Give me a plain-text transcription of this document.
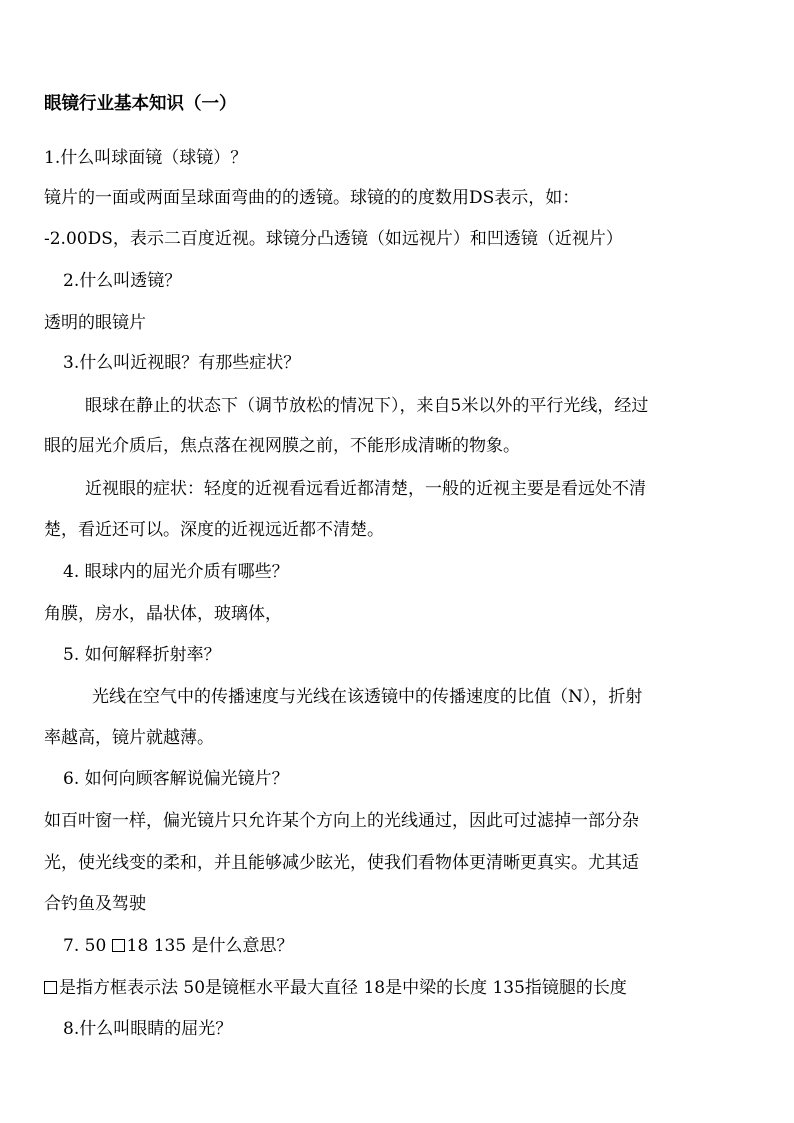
眼镜行业基本知识（一）
1.什么叫球面镜（球镜）？
镜片的一面或两面呈球面弯曲的的透镜。球镜的的度数用DS表示，如：
-2.00DS，表示二百度近视。球镜分凸透镜（如远视片）和凹透镜（近视片）
2.什么叫透镜？
透明的眼镜片
3.什么叫近视眼？有那些症状？
眼球在静止的状态下（调节放松的情况下），来自5米以外的平行光线，经过
眼的屈光介质后，焦点落在视网膜之前，不能形成清晰的物象。
近视眼的症状：轻度的近视看远看近都清楚，一般的近视主要是看远处不清
楚，看近还可以。深度的近视远近都不清楚。
4. 眼球内的屈光介质有哪些？
角膜，房水，晶状体，玻璃体，
5. 如何解释折射率？
光线在空气中的传播速度与光线在该透镜中的传播速度的比值（N），折射
率越高，镜片就越薄。
6. 如何向顾客解说偏光镜片？
如百叶窗一样，偏光镜片只允许某个方向上的光线通过，因此可过滤掉一部分杂
光，使光线变的柔和，并且能够减少眩光，使我们看物体更清晰更真实。尤其适
合钓鱼及驾驶
7. 50 18 135 是什么意思？
是指方框表示法 50是镜框水平最大直径 18是中梁的长度 135指镜腿的长度
8.什么叫眼睛的屈光？
